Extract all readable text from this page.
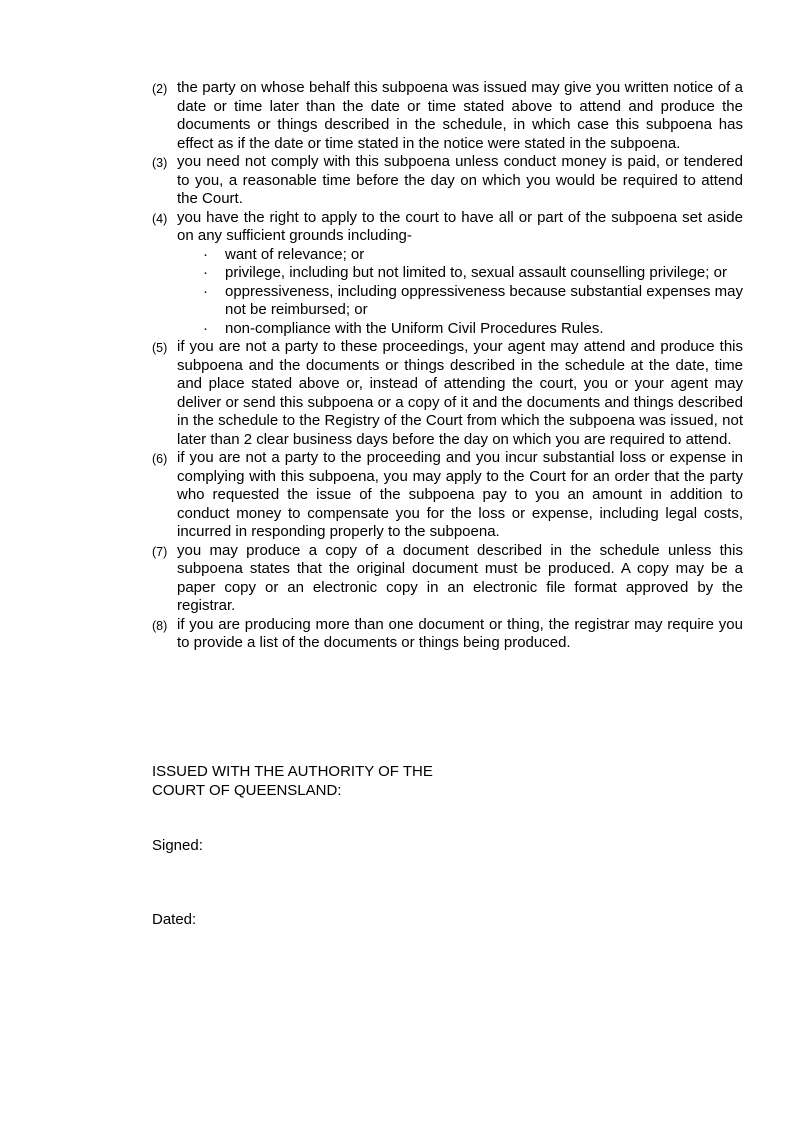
(2) the party on whose behalf this subpoena was issued may give you written notice of a date or time later than the date or time stated above to attend and produce the documents or things described in the schedule, in which case this subpoena has effect as if the date or time stated in the notice were stated in the subpoena.
(3) you need not comply with this subpoena unless conduct money is paid, or tendered to you, a reasonable time before the day on which you would be required to attend the Court.
(4) you have the right to apply to the court to have all or part of the subpoena set aside on any sufficient grounds including-
· want of relevance; or
· privilege, including but not limited to, sexual assault counselling privilege; or
· oppressiveness, including oppressiveness because substantial expenses may not be reimbursed; or
· non-compliance with the Uniform Civil Procedures Rules.
(5) if you are not a party to these proceedings, your agent may attend and produce this subpoena and the documents or things described in the schedule at the date, time and place stated above or, instead of attending the court, you or your agent may deliver or send this subpoena or a copy of it and the documents and things described in the schedule to the Registry of the Court from which the subpoena was issued, not later than 2 clear business days before the day on which you are required to attend.
(6) if you are not a party to the proceeding and you incur substantial loss or expense in complying with this subpoena, you may apply to the Court for an order that the party who requested the issue of the subpoena pay to you an amount in addition to conduct money to compensate you for the loss or expense, including legal costs, incurred in responding properly to the subpoena.
(7) you may produce a copy of a document described in the schedule unless this subpoena states that the original document must be produced. A copy may be a paper copy or an electronic copy in an electronic file format approved by the registrar.
(8) if you are producing more than one document or thing, the registrar may require you to provide a list of the documents or things being produced.
ISSUED WITH THE AUTHORITY OF THE
COURT OF QUEENSLAND:
Signed:
Dated:
